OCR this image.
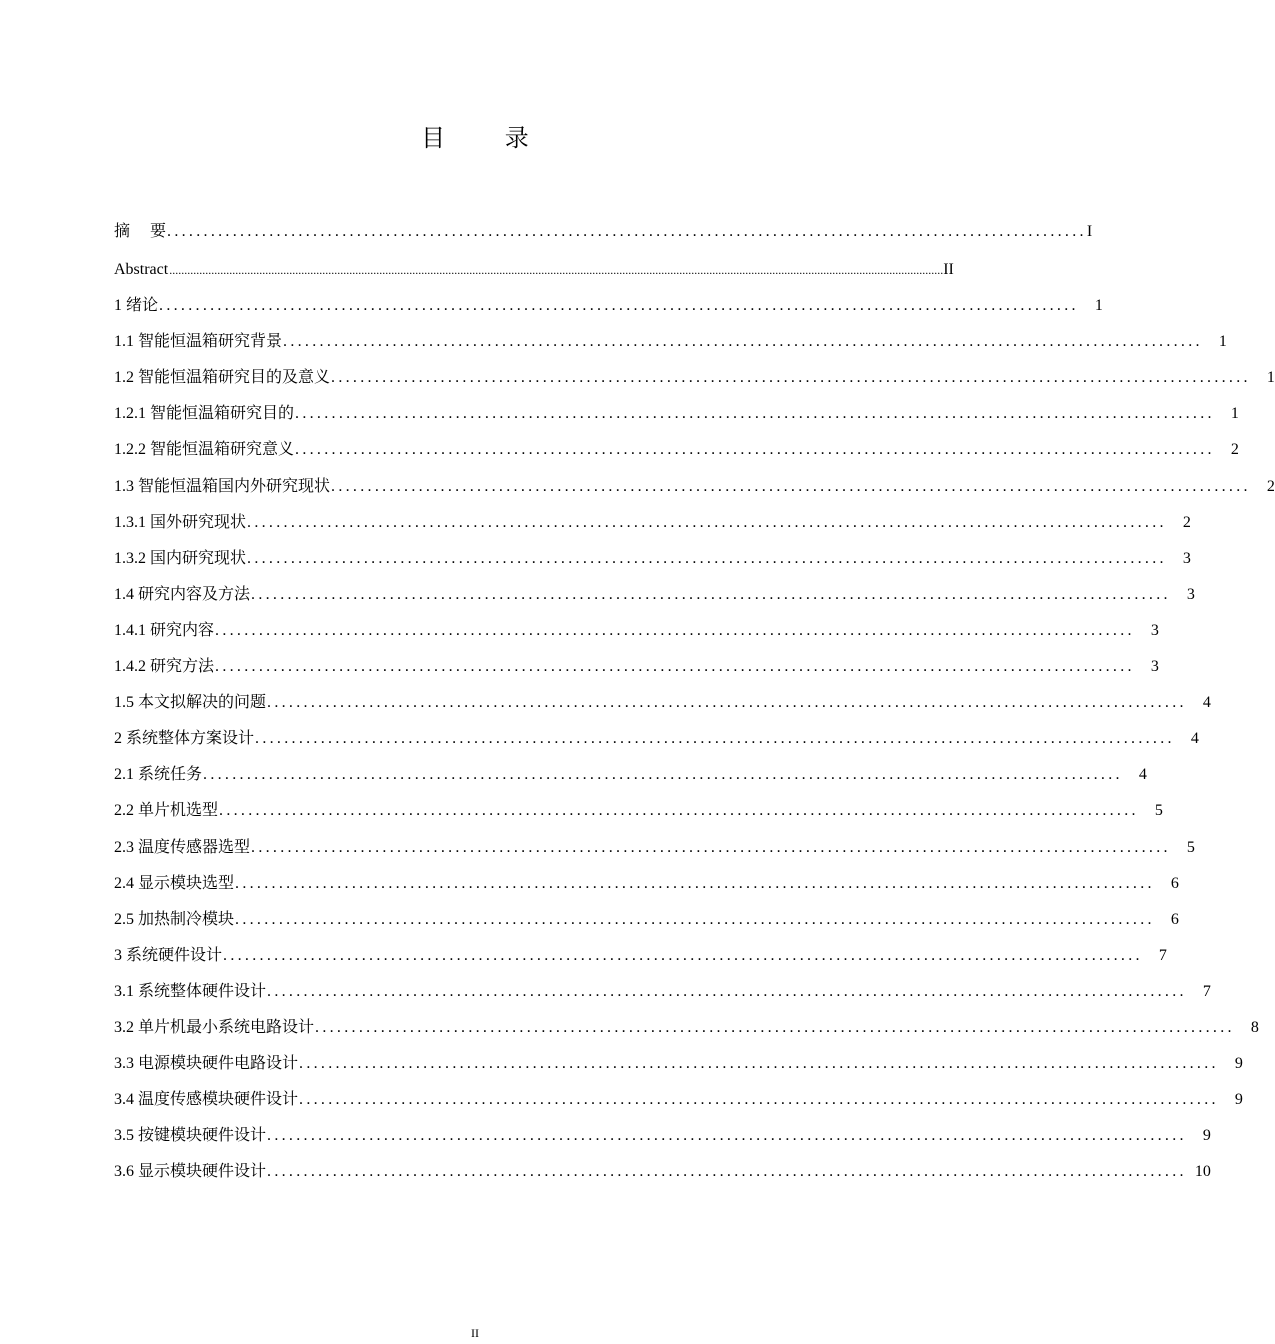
目 录
摘　 要 .............................................................................................................................. I
Abstract .................................................................................................................................................................................................................................................................. II
1 绪论 ..............................................................................................................................	1
1.1 智能恒温箱研究背景 ..............................................................................................................................	1
1.2 智能恒温箱研究目的及意义 ..............................................................................................................................	1
1.2.1 智能恒温箱研究目的 ..............................................................................................................................	1
1.2.2 智能恒温箱研究意义 ..............................................................................................................................	2
1.3 智能恒温箱国内外研究现状 ..............................................................................................................................	2
1.3.1 国外研究现状 ..............................................................................................................................	2
1.3.2 国内研究现状 ..............................................................................................................................	3
1.4 研究内容及方法 ..............................................................................................................................	3
1.4.1 研究内容 ..............................................................................................................................	3
1.4.2 研究方法 ..............................................................................................................................	3
1.5 本文拟解决的问题 ..............................................................................................................................	4
2 系统整体方案设计 ..............................................................................................................................	4
2.1 系统任务 ..............................................................................................................................	4
2.2 单片机选型 ..............................................................................................................................	5
2.3 温度传感器选型 ..............................................................................................................................	5
2.4 显示模块选型 ..............................................................................................................................	6
2.5 加热制冷模块 ..............................................................................................................................	6
3 系统硬件设计 ..............................................................................................................................	7
3.1 系统整体硬件设计 ..............................................................................................................................	7
3.2 单片机最小系统电路设计 ..............................................................................................................................	8
3.3 电源模块硬件电路设计 ..............................................................................................................................	9
3.4 温度传感模块硬件设计 ..............................................................................................................................	9
3.5 按键模块硬件设计 ..............................................................................................................................	9
3.6 显示模块硬件设计 .............................................................................................................................. 10
II
